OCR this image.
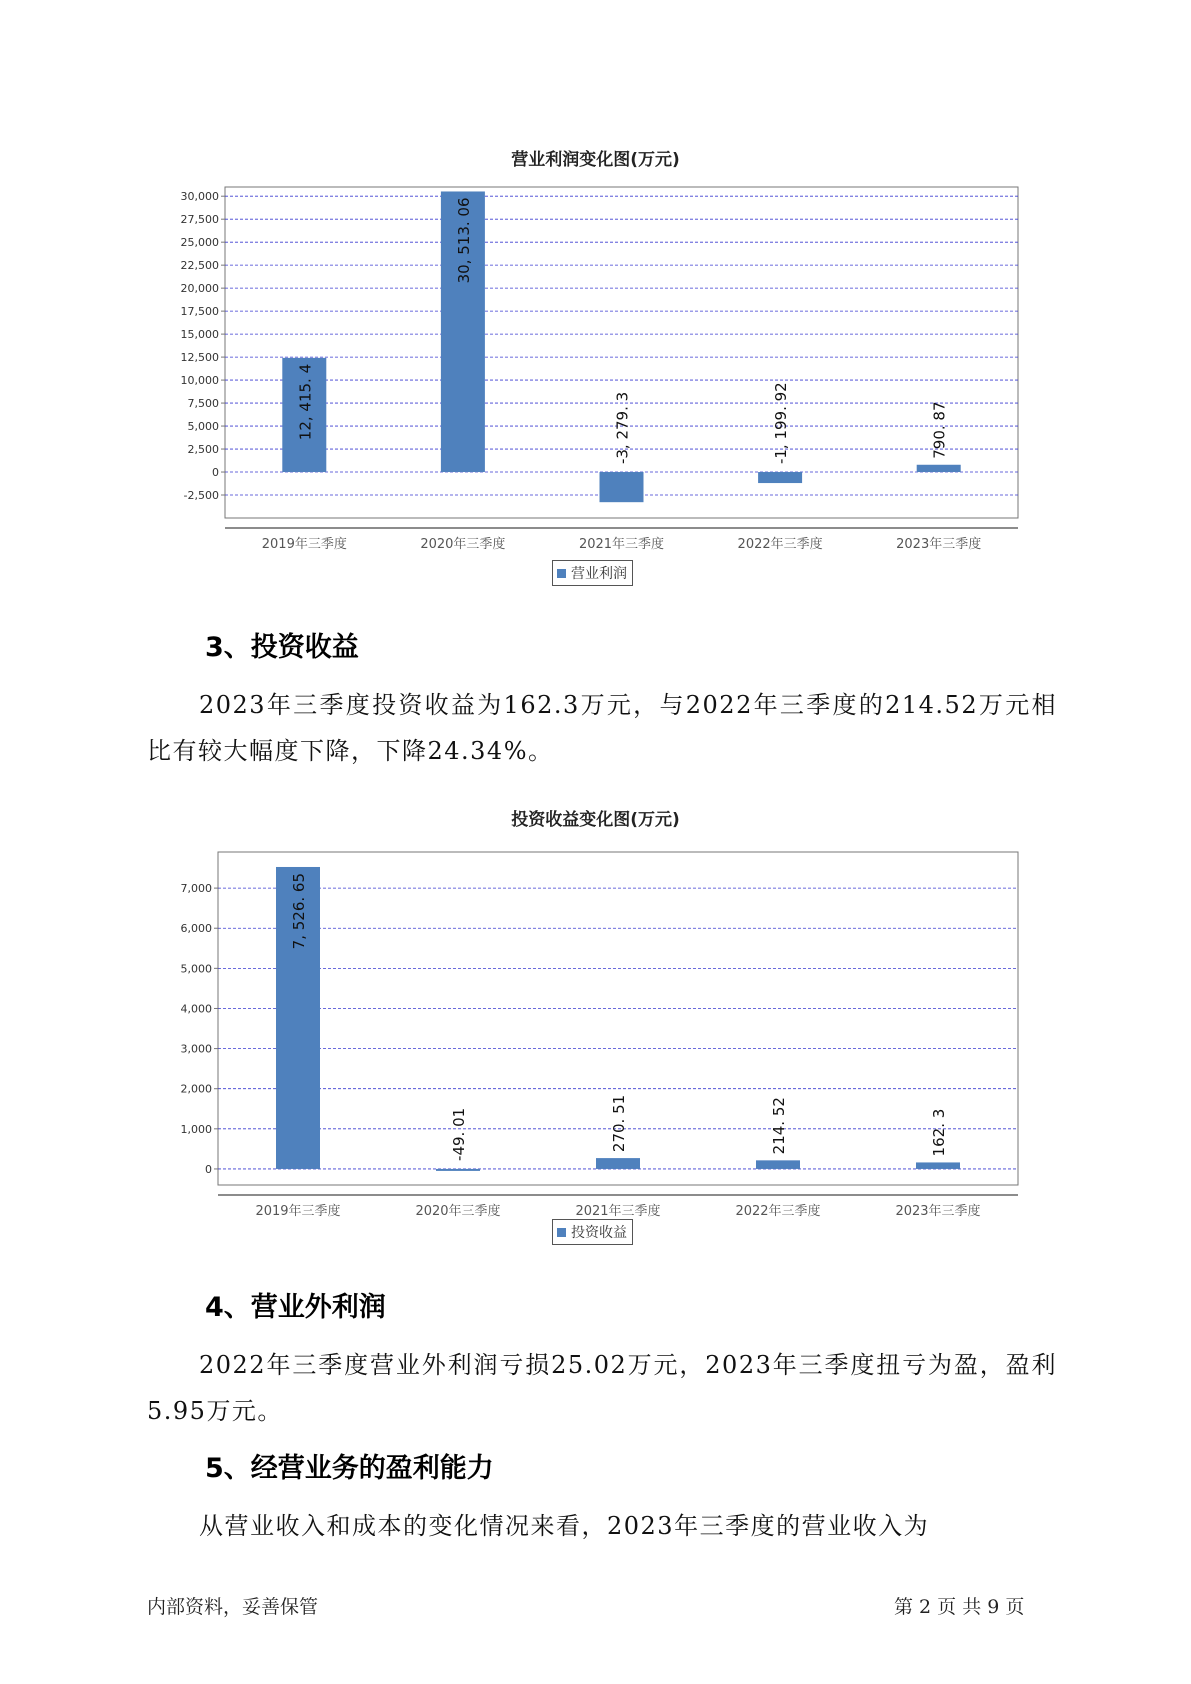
营业利润变化图(万元)
-2,500
0
2,500
5,000
7,500
10,000
12,500
15,000
17,500
20,000
22,500
25,000
27,500
30,000
12, 415. 4
2019年三季度
30, 513. 06
2020年三季度
-3, 279. 3
2021年三季度
-1, 199. 92
2022年三季度
790. 87
2023年三季度
营业利润
3、投资收益

2023年三季度投资收益为162.3万元，与2022年三季度的214.52万元相比有较大幅度下降，下降24.34%。

投资收益变化图(万元)
0
1,000
2,000
3,000
4,000
5,000
6,000
7,000	7, 526. 65
2019年三季度
-49. 01
2020年三季度
270. 51
2021年三季度
214. 52
2022年三季度
162. 3
2023年三季度
投资收益
4、营业外利润

2022年三季度营业外利润亏损25.02万元，2023年三季度扭亏为盈，盈利5.95万元。

5、经营业务的盈利能力

从营业收入和成本的变化情况来看，2023年三季度的营业收入为

内部资料，妥善保管	第 2 页 共 9 页
